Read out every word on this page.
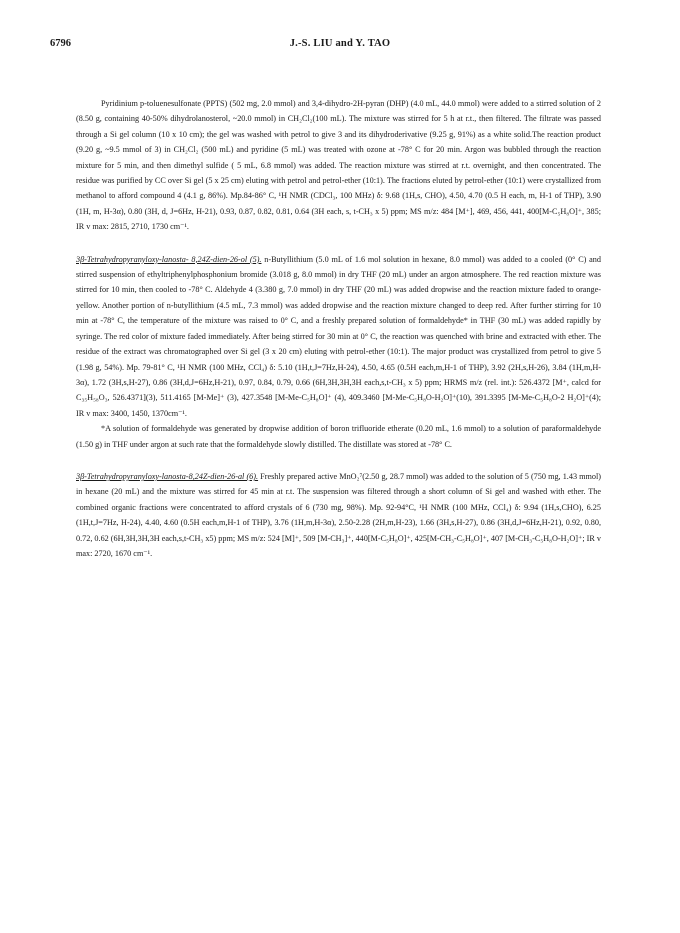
6796	J.-S. LIU and Y. TAO

Pyridinium p-toluenesulfonate (PPTS) (502 mg, 2.0 mmol) and 3,4-dihydro-2H-pyran (DHP) (4.0 mL, 44.0 mmol) were added to a stirred solution of 2 (8.50 g, containing 40-50% dihydrolanosterol, ~20.0 mmol) in CH₂Cl₂(100 mL). The mixture was stirred for 5 h at r.t., then filtered. The filtrate was passed through a Si gel column (10 x 10 cm); the gel was washed with petrol to give 3 and its dihydroderivative (9.25 g, 91%) as a white solid.The reaction product (9.20 g, ~9.5 mmol of 3) in CH₂Cl₂ (500 mL) and pyridine (5 mL) was treated with ozone at -78° C for 20 min. Argon was bubbled through the reaction mixture for 5 min, and then dimethyl sulfide ( 5 mL, 6.8 mmol) was added. The reaction mixture was stirred at r.t. overnight, and then concentrated. The residue was purified by CC over Si gel (5 x 25 cm) eluting with petrol and petrol-ether (10:1). The fractions eluted by petrol-ether (10:1) were crystallized from methanol to afford compound 4 (4.1 g, 86%). Mp.84-86° C, ¹H NMR (CDCl₃, 100 MHz) δ: 9.68 (1H,s, CHO), 4.50, 4.70 (0.5 H each, m, H-1 of THP), 3.90 (1H, m, H-3α), 0.80 (3H, d, J=6Hz, H-21), 0.93, 0.87, 0.82, 0.81, 0.64 (3H each, s, t-CH₃ x 5) ppm; MS m/z: 484 [M⁺], 469, 456, 441, 400[M-C₅H₈O]⁺, 385; IR v max: 2815, 2710, 1730 cm⁻¹.

3β-Tetrahydropyranyloxy-lanosta- 8,24Z-dien-26-ol (5). n-Butyllithium (5.0 mL of 1.6 mol solution in hexane, 8.0 mmol) was added to a cooled (0° C) and stirred suspension of ethyltriphenylphosphonium bromide (3.018 g, 8.0 mmol) in dry THF (20 mL) under an argon atmosphere. The red reaction mixture was stirred for 10 min, then cooled to -78° C. Aldehyde 4 (3.380 g, 7.0 mmol) in dry THF (20 mL) was added dropwise and the reaction mixture faded to orange-yellow. Another portion of n-butyllithium (4.5 mL, 7.3 mmol) was added dropwise and the reaction mixture changed to deep red. After further stirring for 10 min at -78° C, the temperature of the mixture was raised to 0° C, and a freshly prepared solution of formaldehyde* in THF (30 mL) was added rapidly by syringe. The red color of mixture faded immediately. After being stirred for 30 min at 0° C, the reaction was quenched with brine and extracted with ether. The residue of the extract was chromatographed over Si gel (3 x 20 cm) eluting with petrol-ether (10:1). The major product was crystallized from petrol to give 5 (1.98 g, 54%). Mp. 79-81° C, ¹H NMR (100 MHz, CCl₄) δ: 5.10 (1H,t,J=7Hz,H-24), 4.50, 4.65 (0.5H each,m,H-1 of THP), 3.92 (2H,s,H-26), 3.84 (1H,m,H-3α), 1.72 (3H,s,H-27), 0.86 (3H,d,J=6Hz,H-21), 0.97, 0.84, 0.79, 0.66 (6H,3H,3H,3H each,s,t-CH₃ x 5) ppm; HRMS m/z (rel. int.): 526.4372 [M⁺, calcd for C₃₅H₅₈O₃, 526.4371](3), 511.4165 [M-Me]⁺ (3), 427.3548 [M-Me-C₅H₈O]⁺ (4), 409.3460 [M-Me-C₅H₈O-H₂O]⁺(10), 391.3395 [M-Me-C₅H₈O-2 H₂O]⁺(4); IR v max: 3400, 1450, 1370cm⁻¹.

*A solution of formaldehyde was generated by dropwise addition of boron trifluoride etherate (0.20 mL, 1.6 mmol) to a solution of paraformaldehyde (1.50 g) in THF under argon at such rate that the formaldehyde slowly distilled. The distillate was stored at -78° C.

3β-Tetrahydropyranyloxy-lanosta-8,24Z-dien-26-al (6). Freshly prepared active MnO₂⁷(2.50 g, 28.7 mmol) was added to the solution of 5 (750 mg, 1.43 mmol) in hexane (20 mL) and the mixture was stirred for 45 min at r.t. The suspension was filtered through a short column of Si gel and washed with ether. The combined organic fractions were concentrated to afford crystals of 6 (730 mg, 98%). Mp. 92-94°C, ¹H NMR (100 MHz, CCl₄) δ: 9.94 (1H,s,CHO), 6.25 (1H,t,J=7Hz, H-24), 4.40, 4.60 (0.5H each,m,H-1 of THP), 3.76 (1H,m,H-3α), 2.50-2.28 (2H,m,H-23), 1.66 (3H,s,H-27), 0.86 (3H,d,J=6Hz,H-21), 0.92, 0.80, 0.72, 0.62 (6H,3H,3H,3H each,s,t-CH₃ x5) ppm; MS m/z: 524 [M]⁺, 509 [M-CH₃]⁺, 440[M-C₅H₈O]⁺, 425[M-CH₃-C₅H₈O]⁺, 407 [M-CH₃-C₅H₈O-H₂O]⁺; IR v max: 2720, 1670 cm⁻¹.
